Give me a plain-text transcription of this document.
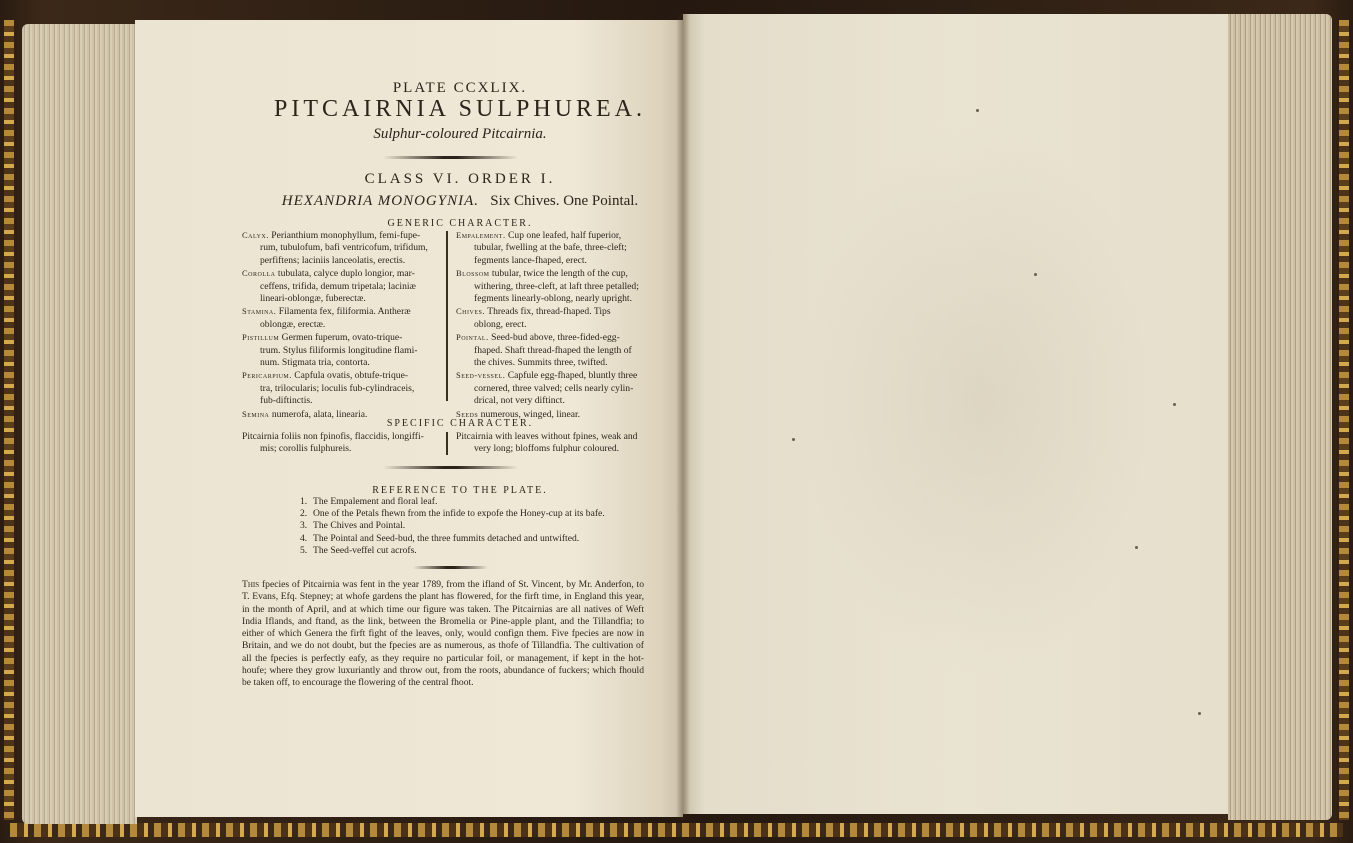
PLATE CCXLIX.
PITCAIRNIA SULPHUREA.
Sulphur-coloured Pitcairnia.
CLASS VI. ORDER I.
HEXANDRIA MONOGYNIA. Six Chives. One Pointal.
GENERIC CHARACTER.

Calyx. Perianthium monophyllum, femi-fupe-

rum, tubulofum, bafi ventricofum, trifidum,

perfiftens; laciniis lanceolatis, erectis.

Corolla tubulata, calyce duplo longior, mar-

ceffens, trifida, demum tripetala; laciniæ

lineari-oblongæ, fuberectæ.

Stamina. Filamenta fex, filiformia. Antheræ

oblongæ, erectæ.

Pistillum Germen fuperum, ovato-trique-

trum. Stylus filiformis longitudine flami-

num. Stigmata tria, contorta.

Pericarpium. Capfula ovatis, obtufe-trique-

tra, trilocularis; loculis fub-cylindraceis,

fub-diftinctis.

Semina numerofa, alata, linearia.

Empalement. Cup one leafed, half fuperior,

tubular, fwelling at the bafe, three-cleft;

fegments lance-fhaped, erect.

Blossom tubular, twice the length of the cup,

withering, three-cleft, at laft three petalled;

fegments linearly-oblong, nearly upright.

Chives. Threads fix, thread-fhaped. Tips

oblong, erect.

Pointal. Seed-bud above, three-fided-egg-

fhaped. Shaft thread-fhaped the length of

the chives. Summits three, twifted.

Seed-vessel. Capfule egg-fhaped, bluntly three

cornered, three valved; cells nearly cylin-

drical, not very diftinct.

Seeds numerous, winged, linear.

SPECIFIC CHARACTER.

Pitcairnia foliis non fpinofis, flaccidis, longiffi-

mis; corollis fulphureis.

Pitcairnia with leaves without fpines, weak and

very long; bloffoms fulphur coloured.

REFERENCE TO THE PLATE.
1. The Empalement and floral leaf.
2. One of the Petals fhewn from the infide to expofe the Honey-cup at its bafe.
3. The Chives and Pointal.
4. The Pointal and Seed-bud, the three fummits detached and untwifted.
5. The Seed-veffel cut acrofs.
This fpecies of Pitcairnia was fent in the year 1789, from the ifland of St. Vincent, by Mr. Anderfon, to T. Evans, Efq. Stepney; at whofe gardens the plant has flowered, for the firft time, in England this year, in the month of April, and at which time our figure was taken. The Pitcairnias are all natives of Weft India Iflands, and ftand, as the link, between the Bromelia or Pine-apple plant, and the Tillandfia; to either of which Genera the firft fight of the leaves, only, would confign them. Five fpecies are now in Britain, and we do not doubt, but the fpecies are as numerous, as thofe of Tillandfia. The cultivation of all the fpecies is perfectly eafy, as they require no particular foil, or management, if kept in the hot-houfe; where they grow luxuriantly and throw out, from the roots, abundance of fuckers; which fhould be taken off, to encourage the flowering of the central fhoot.
